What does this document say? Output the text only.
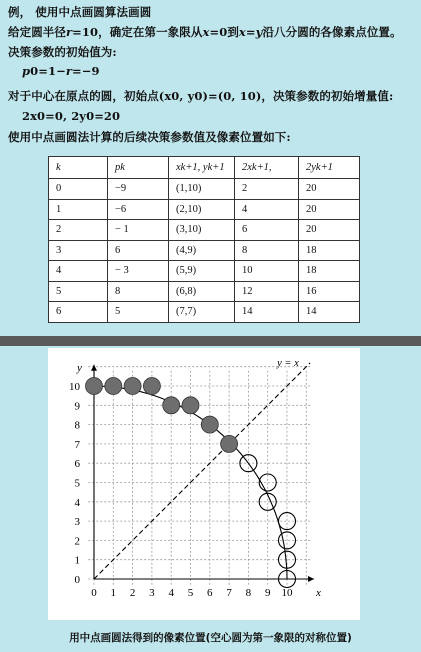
例， 使用中点画圆算法画圆
给定圆半径r=10，确定在第一象限从x=0到x=y沿八分圆的各像素点位置。
决策参数的初始值为:
p0=1−r=−9
对于中心在原点的圆，初始点(x0, y0)=(0, 10)，决策参数的初始增量值:
2x0=0, 2y0=20
使用中点画圆法计算的后续决策参数值及像素位置如下:
k	pk	xk+1, yk+1	2xk+1,	2yk+1
0	−9	(1,10)	2	20
1	−6	(2,10)	4	20
2	− 1	(3,10)	6	20
3	6	(4,9)	8	18
4	− 3	(5,9)	10	18
5	8	(6,8)	12	16
6	5	(7,7)	14	14
0 1 2 3 4 5 6 7 8 9 10
0
1
2
3
4
5
6
7
8
9
10
y
x
y = x
用中点画圆法得到的像素位置(空心圆为第一象限的对称位置)
